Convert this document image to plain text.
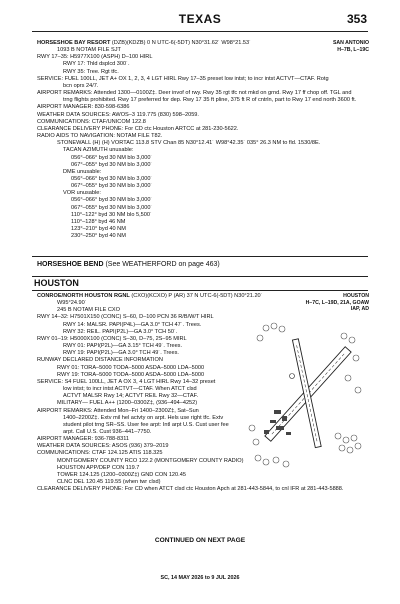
TEXAS	353
HORSESHOE BAY RESORT (DZB)(KDZB) 0 N UTC-6(-5DT) N30°31.62´ W98°21.53´	SAN ANTONIO
H–7B, L–19C
1093 B NOTAM FILE SJT
RWY 17–35: H5977X100 (ASPH) D–100 HIRL
RWY 17: Thld dsplcd 300´.
RWY 35: Tree. Rgt tfc.
SERVICE: FUEL 100LL, JET A+ OX 1, 2, 3, 4 LGT HIRL Rwy 17–35 preset low intst; to incr intst ACTVT—CTAF. Rotg
bcn oprs 24/7.
AIRPORT REMARKS: Attended 1300––0100Z‡. Deer invof of rwy. Rwy 35 rgt tfc not mkd on grnd. Rwy 17 ff chop off. TGL and
trng flights prohibited. Rwy 17 preferred for dep. Rwy 17 35 ft pline, 375 ft R of cntrln, part to Rwy 17 end north 3600 ft.
AIRPORT MANAGER: 830-598-6386
WEATHER DATA SOURCES: AWOS–3 119.775 (830) 598–2059.
COMMUNICATIONS: CTAF/UNICOM 122.8
CLEARANCE DELIVERY PHONE: For CD ctc Houston ARTCC at 281-230-5622.
RADIO AIDS TO NAVIGATION: NOTAM FILE T82.
STONEWALL (H) (H) VORTAC 113.8 STV Chan 85 N30°12.41´ W98°42.35´ 035° 26.3 NM to fld. 1530/8E.
TACAN AZIMUTH unusable:
056°–066° byd 30 NM blo 3,000´
067°–055° byd 30 NM blo 3,000´
DME unusable:
056°–066° byd 30 NM blo 3,000´
067°–055° byd 30 NM blo 3,000´
VOR unusable:
056°–066° byd 30 NM blo 3,000´
067°–055° byd 30 NM blo 3,000´
110°–122° byd 30 NM blo 5,500´
110°–128° byd 46 NM
123°–210° byd 40 NM
230°–250° byd 40 NM
HORSESHOE BEND (See WEATHERFORD on page 463)
HOUSTON
CONROE/NORTH HOUSTON RGNL (CXO)(KCXO) P (AR) 37 N UTC-6(-5DT) N30°21.20´	HOUSTON
H–7C, L–19D, 21A, GOAW
IAP, AD
W95°24.90´
245 B NOTAM FILE CXO
RWY 14–32: H7501X150 (CONC) S–60, D–100 PCN 36 R/B/W/T HIRL
RWY 14: MALSR. PAPI(P4L)—GA 3.0° TCH 47´. Trees.
RWY 32: REIL. PAPI(P2L)—GA 3.0° TCH 50´.
RWY 01–19: H5000X100 (CONC) S–30, D–75, 2S–95 MIRL
RWY 01: PAPI(P2L)—GA 3.15° TCH 49´. Trees.
RWY 19: PAPI(P2L)—GA 3.0° TCH 49´. Trees.
RUNWAY DECLARED DISTANCE INFORMATION
RWY 01: TORA–5000 TODA–5000 ASDA–5000 LDA–5000
RWY 19: TORA–5000 TODA–5000 ASDA–5000 LDA–5000
SERVICE: S4 FUEL 100LL, JET A OX 3, 4 LGT HIRL Rwy 14–32 preset
low intst; to incr intst ACTVT—CTAF. When ATCT clsd
ACTVT MALSR Rwy 14; ACTVT REIL Rwy 32—CTAF.
MILITARY— FUEL A++ (1200–0300Z‡, (936–494–4252)
AIRPORT REMARKS: Attended Mon–Fri 1400–2300Z‡, Sat–Sun
1400–2200Z‡. Extv mil hel actvty on arpt. Hels use right tfc. Extv
student pilot trng SR–SS. User fee arpt: Intl arpt U.S. Cust user fee
arpt. Call U.S. Cust 936–441–7750.
AIRPORT MANAGER: 936-788-8311
WEATHER DATA SOURCES: ASOS (936) 379–2019
COMMUNICATIONS: CTAF 124.125 ATIS 118.325
MONTGOMERY COUNTY RCO 122.2 (MONTGOMERY COUNTY RADIO)
HOUSTON APP/DEP CON 119.7
TOWER 124.125 (1200–0300Z‡) GND CON 120.45
CLNC DEL 120.45 119.55 (when twr clsd)
CLEARANCE DELIVERY PHONE: For CD when ATCT clsd ctc Houston Apch at 281-443-5844, to cnl IFR at 281-443-5888.
CONTINUED ON NEXT PAGE
SC, 14 MAY 2026 to 9 JUL 2026
